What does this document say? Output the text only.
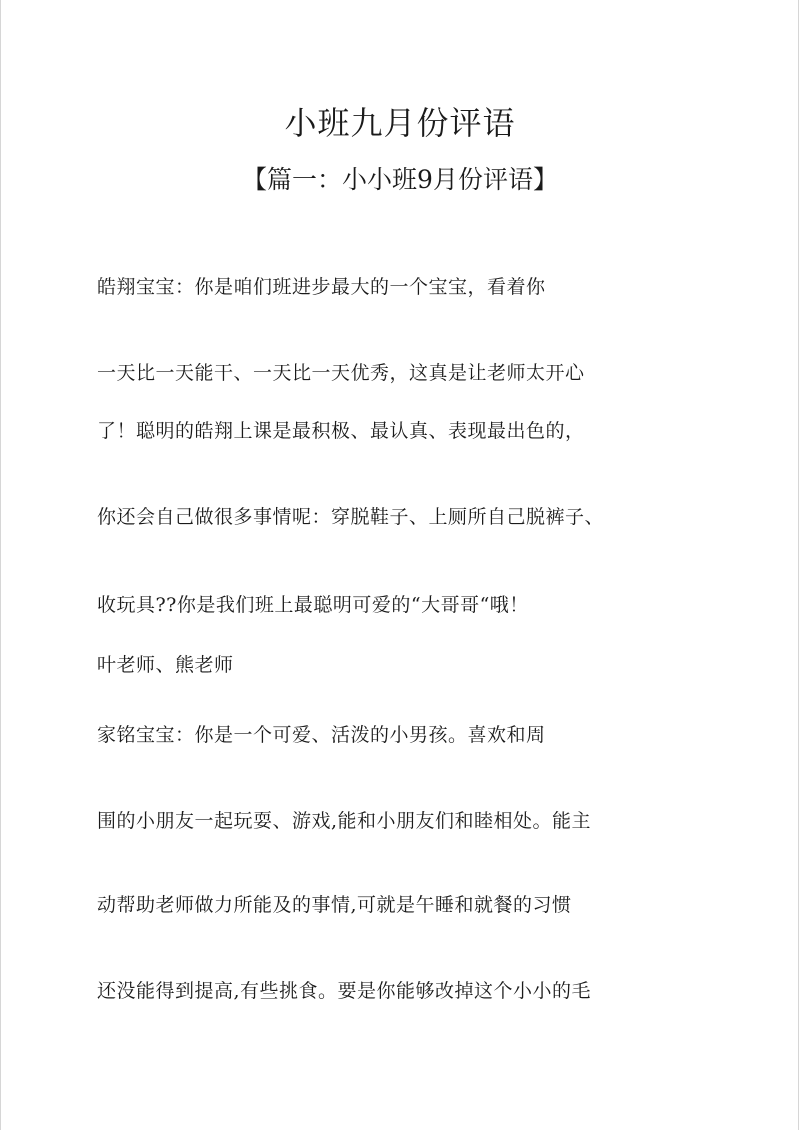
小班九月份评语
【篇一：小小班9月份评语】
皓翔宝宝：你是咱们班进步最大的一个宝宝，看着你
一天比一天能干、一天比一天优秀，这真是让老师太开心
了！聪明的皓翔上课是最积极、最认真、表现最出色的，
你还会自己做很多事情呢：穿脱鞋子、上厕所自己脱裤子、
收玩具??你是我们班上最聪明可爱的“大哥哥“哦！
叶老师、熊老师
家铭宝宝：你是一个可爱、活泼的小男孩。喜欢和周
围的小朋友一起玩耍、游戏,能和小朋友们和睦相处。能主
动帮助老师做力所能及的事情,可就是午睡和就餐的习惯
还没能得到提高,有些挑食。要是你能够改掉这个小小的毛
